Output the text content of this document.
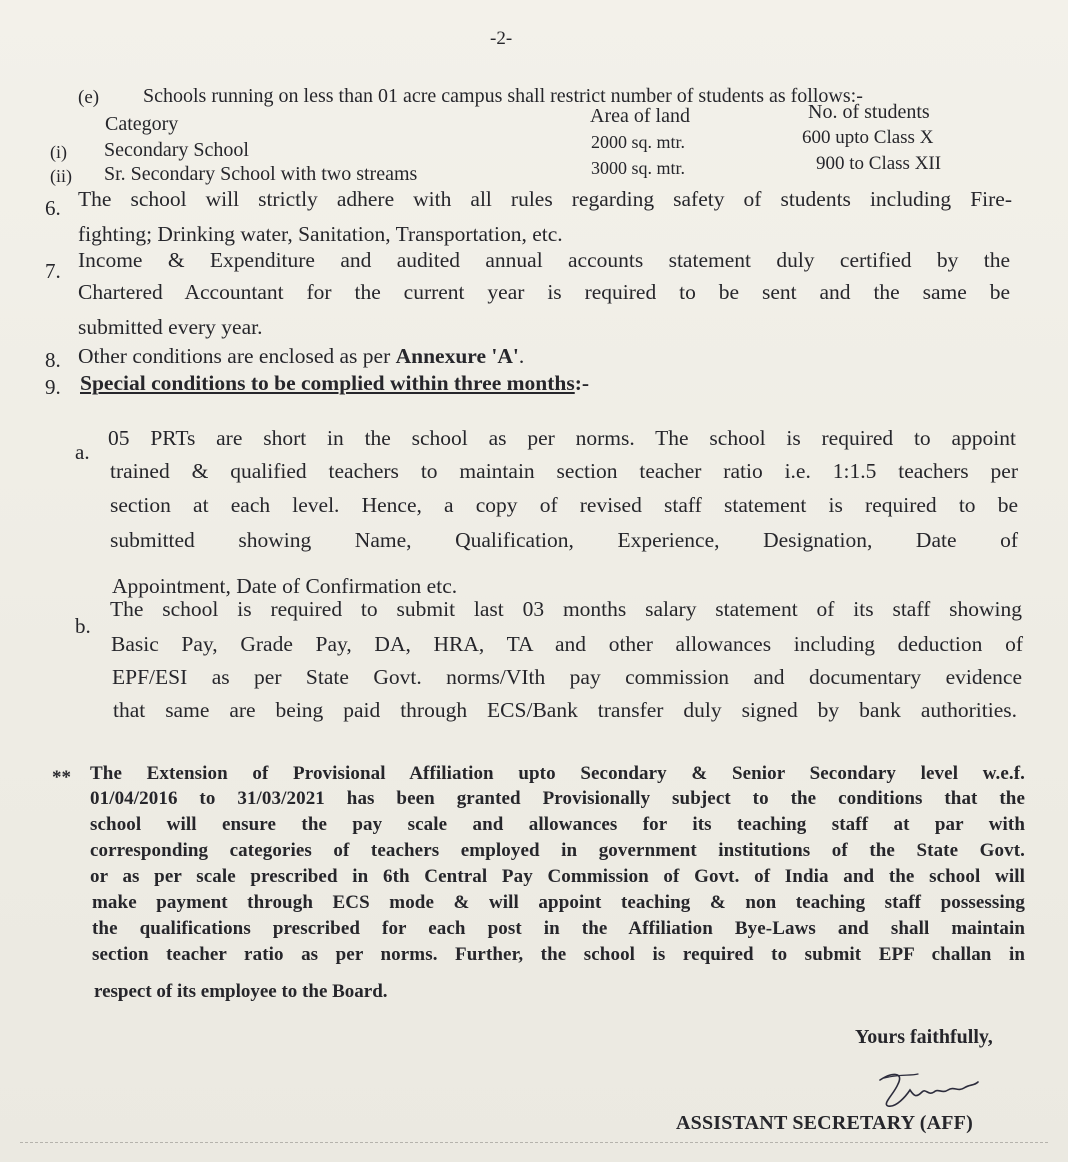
-2-
(e) Schools running on less than 01 acre campus shall restrict number of students as follows:-
Category	Area of land	No. of students
(i) Secondary School	2000 sq. mtr.	600 upto Class X
(ii) Sr. Secondary School with two streams	3000 sq. mtr.	900 to Class XII
6. The school will strictly adhere with all rules regarding safety of students including Fire-
fighting; Drinking water, Sanitation, Transportation, etc.
7. Income & Expenditure and audited annual accounts statement duly certified by the
Chartered Accountant for the current year is required to be sent and the same be
submitted every year.
8. Other conditions are enclosed as per Annexure 'A'.
9. Special conditions to be complied within three months:-
a.
05 PRTs are short in the school as per norms. The school is required to appoint
trained & qualified teachers to maintain section teacher ratio i.e. 1:1.5 teachers per
section at each level. Hence, a copy of revised staff statement is required to be
submitted showing Name, Qualification, Experience, Designation, Date of
Appointment, Date of Confirmation etc.
b.
The school is required to submit last 03 months salary statement of its staff showing
Basic Pay, Grade Pay, DA, HRA, TA and other allowances including deduction of
EPF/ESI as per State Govt. norms/VIth pay commission and documentary evidence
that same are being paid through ECS/Bank transfer duly signed by bank authorities.
** The Extension of Provisional Affiliation upto Secondary & Senior Secondary level w.e.f.
01/04/2016 to 31/03/2021 has been granted Provisionally subject to the conditions that the
school will ensure the pay scale and allowances for its teaching staff at par with
corresponding categories of teachers employed in government institutions of the State Govt.
or as per scale prescribed in 6th Central Pay Commission of Govt. of India and the school will
make payment through ECS mode & will appoint teaching & non teaching staff possessing
the qualifications prescribed for each post in the Affiliation Bye-Laws and shall maintain
section teacher ratio as per norms. Further, the school is required to submit EPF challan in
respect of its employee to the Board.
Yours faithfully,
ASSISTANT SECRETARY (AFF)
